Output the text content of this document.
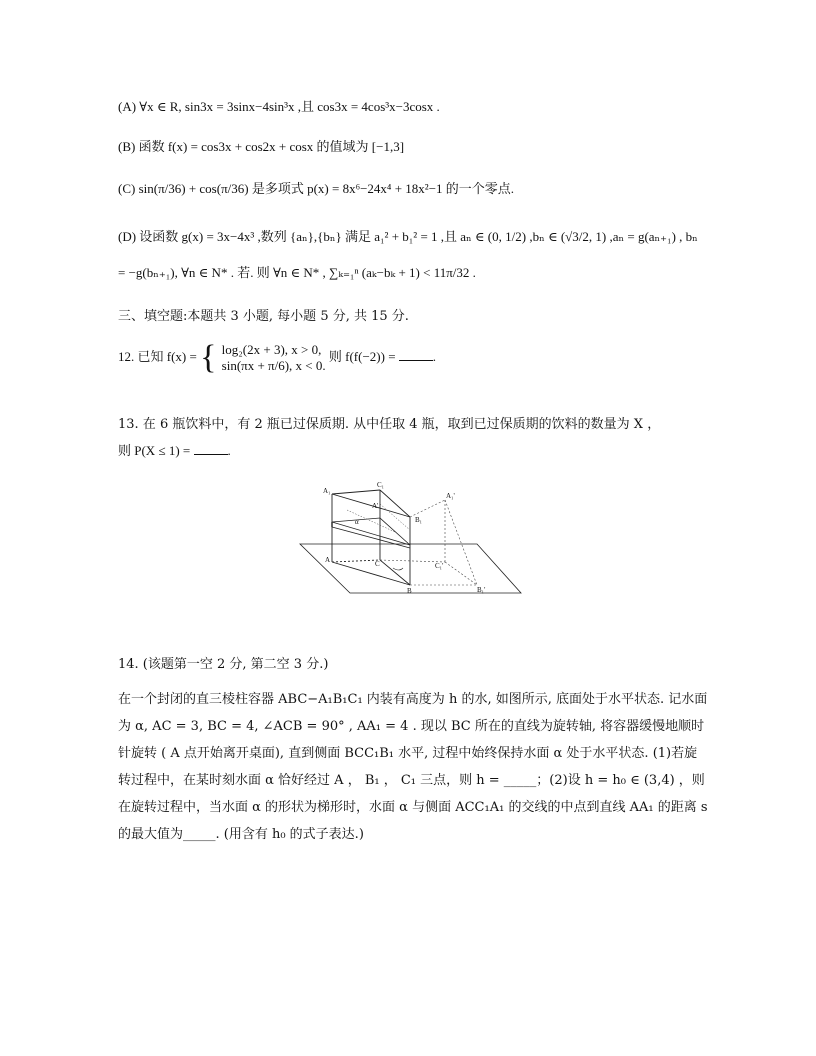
(A) ∀x ∈ R, sin3x = 3sinx−4sin³x ,且 cos3x = 4cos³x−3cosx .
(B) 函数 f(x) = cos3x + cos2x + cosx 的值域为 [−1,3]
(C) sin(π/36) + cos(π/36) 是多项式 p(x) = 8x⁶−24x⁴ + 18x²−1 的一个零点.
(D) 设函数 g(x) = 3x−4x³ ,数列 {aₙ},{bₙ} 满足 a₁² + b₁² = 1 ,且 aₙ ∈ (0, 1/2) ,bₙ ∈ (√3/2, 1) ,aₙ = g(aₙ₊₁) , bₙ
= −g(bₙ₊₁), ∀n ∈ N* . 若. 则 ∀n ∈ N* , ∑ₖ₌₁ⁿ (aₖ−bₖ + 1) < 11π/32 .
三、填空题:本题共 3 小题, 每小题 5 分, 共 15 分.
12. 已知 f(x) = { log₂(2x + 3), x > 0,
sin(πx + π/6), x < 0. 则 f(f(−2)) =	.
13. 在 6 瓶饮料中，有 2 瓶已过保质期. 从中任取 4 瓶，取到已过保质期的饮料的数量为 X ，
则 P(X ≤ 1) =	.
A₁
C₁
A'
A₁'
B₁
α
A	C
B
C₁'
B₁'
14. (该题第一空 2 分, 第二空 3 分.)
在一个封闭的直三棱柱容器 ABC−A₁B₁C₁ 内装有高度为 h 的水, 如图所示, 底面处于水平状态. 记水面为 α, AC = 3, BC = 4, ∠ACB = 90° , AA₁ = 4 . 现以 BC 所在的直线为旋转轴, 将容器缓慢地顺时针旋转 ( A 点开始离开桌面), 直到侧面 BCC₁B₁ 水平, 过程中始终保持水面 α 处于水平状态. (1)若旋转过程中，在某时刻水面 α 恰好经过 A ， B₁ ， C₁ 三点，则 h = _____；(2)设 h = h₀ ∈ (3,4) ，则在旋转过程中，当水面 α 的形状为梯形时，水面 α 与侧面 ACC₁A₁ 的交线的中点到直线 AA₁ 的距离 s 的最大值为_____. (用含有 h₀ 的式子表达.)
